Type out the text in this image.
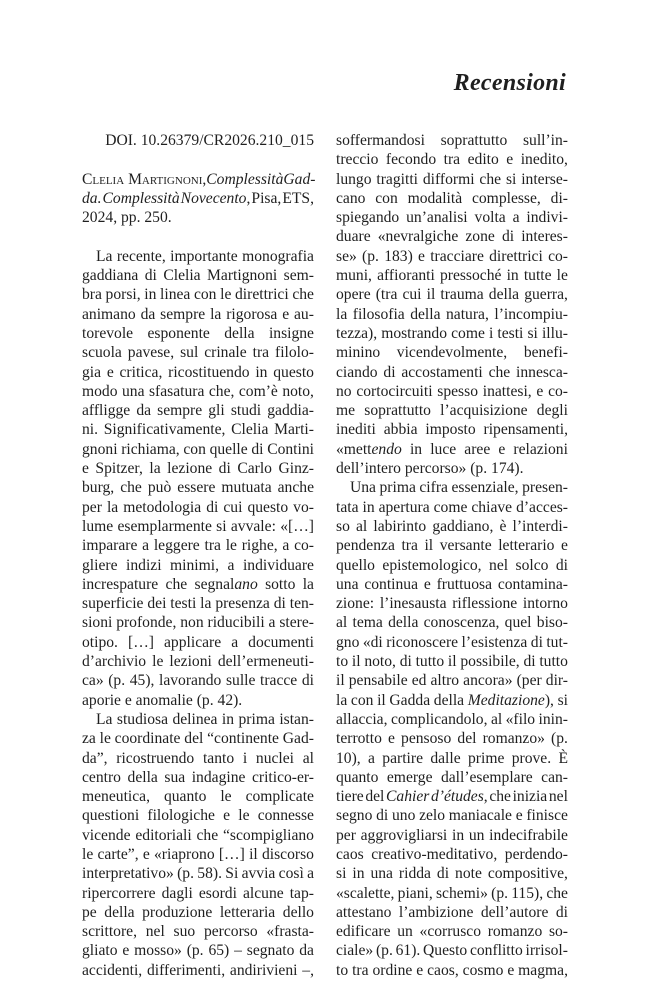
Recensioni
DOI. 10.26379/CR2026.210_015
Clelia Martignoni, Complessità Gad-
da. Complessità Novecento, Pisa, ETS,
2024, pp. 250.
La recente, importante monografia
gaddiana di Clelia Martignoni sem-
bra porsi, in linea con le direttrici che
animano da sempre la rigorosa e au-
torevole esponente della insigne
scuola pavese, sul crinale tra filolo-
gia e critica, ricostituendo in questo
modo una sfasatura che, com’è noto,
affligge da sempre gli studi gaddia-
ni. Significativamente, Clelia Marti-
gnoni richiama, con quelle di Contini
e Spitzer, la lezione di Carlo Ginz-
burg, che può essere mutuata anche
per la metodologia di cui questo vo-
lume esemplarmente si avvale: «[…]
imparare a leggere tra le righe, a co-
gliere indizi minimi, a individuare
increspature che segnalano sotto la
superficie dei testi la presenza di ten-
sioni profonde, non riducibili a stere-
otipo. […] applicare a documenti
d’archivio le lezioni dell’ermeneuti-
ca» (p. 45), lavorando sulle tracce di
aporie e anomalie (p. 42).
La studiosa delinea in prima istan-
za le coordinate del “continente Gad-
da”, ricostruendo tanto i nuclei al
centro della sua indagine critico-er-
meneutica, quanto le complicate
questioni filologiche e le connesse
vicende editoriali che “scompigliano
le carte”, e «riaprono […] il discorso
interpretativo» (p. 58). Si avvia così a
ripercorrere dagli esordi alcune tap-
pe della produzione letteraria dello
scrittore, nel suo percorso «frasta-
gliato e mosso» (p. 65) – segnato da
accidenti, differimenti, andirivieni –,
soffermandosi soprattutto sull’in-
treccio fecondo tra edito e inedito,
lungo tragitti difformi che si interse-
cano con modalità complesse, di-
spiegando un’analisi volta a indivi-
duare «nevralgiche zone di interes-
se» (p. 183) e tracciare direttrici co-
muni, affioranti pressoché in tutte le
opere (tra cui il trauma della guerra,
la filosofia della natura, l’incompiu-
tezza), mostrando come i testi si illu-
minino vicendevolmente, benefi-
ciando di accostamenti che innesca-
no cortocircuiti spesso inattesi, e co-
me soprattutto l’acquisizione degli
inediti abbia imposto ripensamenti,
«mettendo in luce aree e relazioni
dell’intero percorso» (p. 174).
Una prima cifra essenziale, presen-
tata in apertura come chiave d’acces-
so al labirinto gaddiano, è l’interdi-
pendenza tra il versante letterario e
quello epistemologico, nel solco di
una continua e fruttuosa contamina-
zione: l’inesausta riflessione intorno
al tema della conoscenza, quel biso-
gno «di riconoscere l’esistenza di tut-
to il noto, di tutto il possibile, di tutto
il pensabile ed altro ancora» (per dir-
la con il Gadda della Meditazione), si
allaccia, complicandolo, al «filo inin-
terrotto e pensoso del romanzo» (p.
10), a partire dalle prime prove. È
quanto emerge dall’esemplare can-
tiere del Cahier d’études, che inizia nel
segno di uno zelo maniacale e finisce
per aggrovigliarsi in un indecifrabile
caos creativo-meditativo, perdendo-
si in una ridda di note compositive,
«scalette, piani, schemi» (p. 115), che
attestano l’ambizione dell’autore di
edificare un «corrusco romanzo so-
ciale» (p. 61). Questo conflitto irrisol-
to tra ordine e caos, cosmo e magma,
